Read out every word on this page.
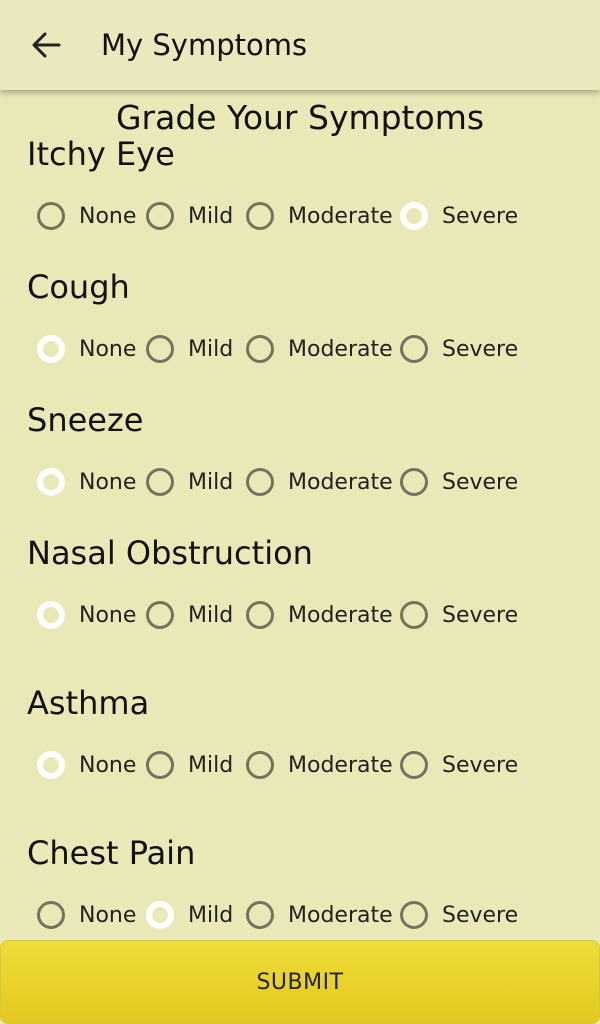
My Symptoms
Grade Your Symptoms
Itchy Eye
None Mild Moderate Severe
Cough
None Mild Moderate Severe
Sneeze
None Mild Moderate Severe
Nasal Obstruction
None Mild Moderate Severe
Asthma
None Mild Moderate Severe
Chest Pain
None Mild Moderate Severe
SUBMIT
